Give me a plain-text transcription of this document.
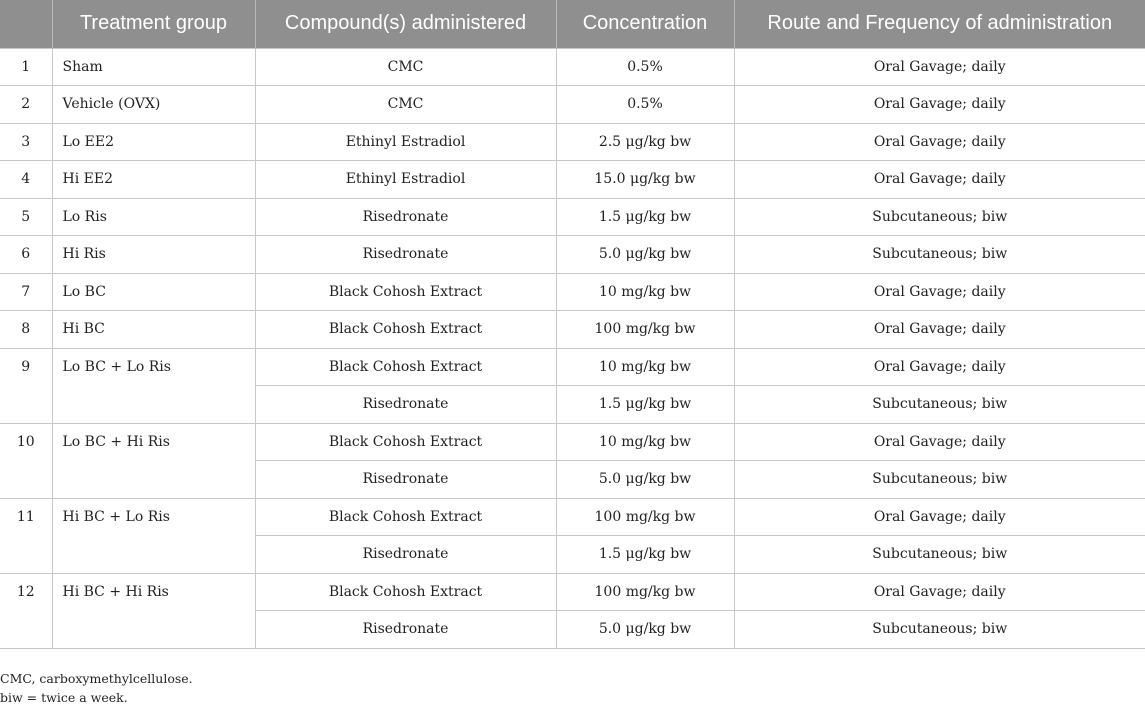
	Treatment group	Compound(s) administered	Concentration	Route and Frequency of administration
1	Sham	CMC	0.5%	Oral Gavage; daily
2	Vehicle (OVX)	CMC	0.5%	Oral Gavage; daily
3	Lo EE2	Ethinyl Estradiol	2.5 μg/kg bw	Oral Gavage; daily
4	Hi EE2	Ethinyl Estradiol	15.0 μg/kg bw	Oral Gavage; daily
5	Lo Ris	Risedronate	1.5 μg/kg bw	Subcutaneous; biw
6	Hi Ris	Risedronate	5.0 μg/kg bw	Subcutaneous; biw
7	Lo BC	Black Cohosh Extract	10 mg/kg bw	Oral Gavage; daily
8	Hi BC	Black Cohosh Extract	100 mg/kg bw	Oral Gavage; daily
9	Lo BC + Lo Ris	Black Cohosh Extract	10 mg/kg bw	Oral Gavage; daily
		Risedronate	1.5 μg/kg bw	Subcutaneous; biw
10	Lo BC + Hi Ris	Black Cohosh Extract	10 mg/kg bw	Oral Gavage; daily
		Risedronate	5.0 μg/kg bw	Subcutaneous; biw
11	Hi BC + Lo Ris	Black Cohosh Extract	100 mg/kg bw	Oral Gavage; daily
		Risedronate	1.5 μg/kg bw	Subcutaneous; biw
12	Hi BC + Hi Ris	Black Cohosh Extract	100 mg/kg bw	Oral Gavage; daily
		Risedronate	5.0 μg/kg bw	Subcutaneous; biw
CMC, carboxymethylcellulose.
biw = twice a week.
